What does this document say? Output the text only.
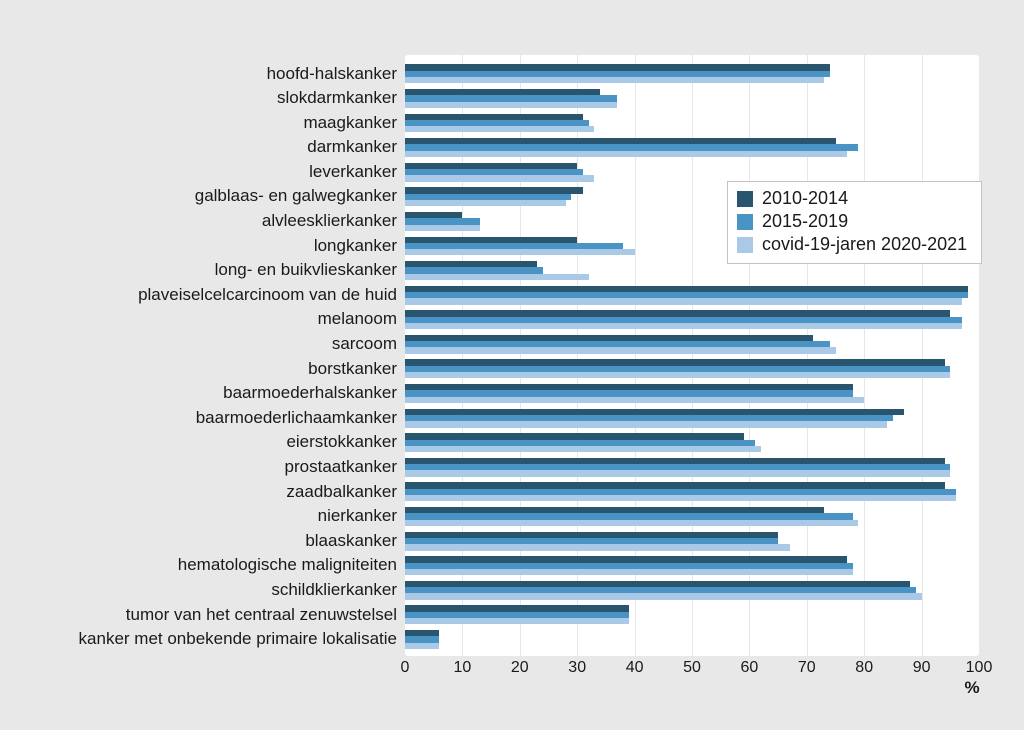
hoofd-halskanker
slokdarmkanker
maagkanker
darmkanker
leverkanker
galblaas- en galwegkanker
alvleesklierkanker
longkanker
long- en buikvlieskanker
plaveiselcelcarcinoom van de huid
melanoom
sarcoom
borstkanker
baarmoederhalskanker
baarmoederlichaamkanker
eierstokkanker
prostaatkanker
zaadbalkanker
nierkanker
blaaskanker
hematologische maligniteiten
schildklierkanker
tumor van het centraal zenuwstelsel
kanker met onbekende primaire lokalisatie
0	10 20 30 40 50 60 70 80 90 100
%
2010-2014
2015-2019
covid-19-jaren 2020-2021
